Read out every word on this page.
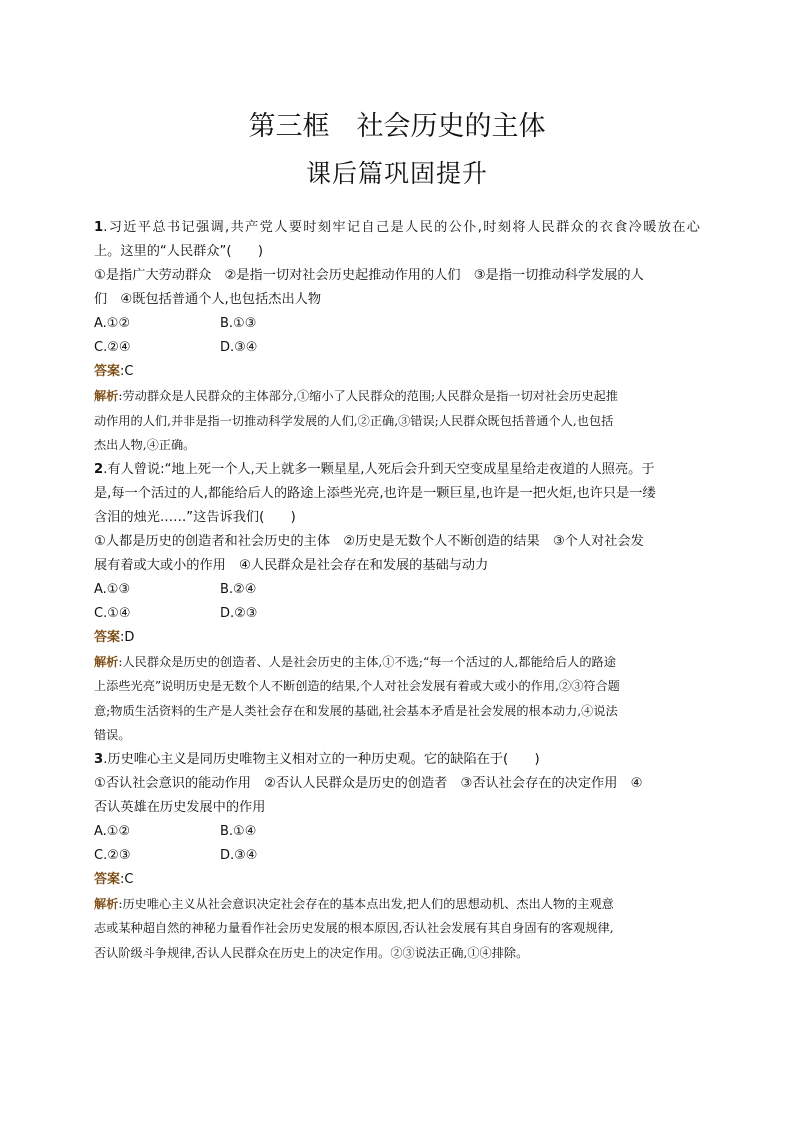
第三框　社会历史的主体
课后篇巩固提升
1.习近平总书记强调,共产党人要时刻牢记自己是人民的公仆,时刻将人民群众的衣食冷暖放在心
上。这里的“人民群众”(　　)
①是指广大劳动群众　②是指一切对社会历史起推动作用的人们　③是指一切推动科学发展的人
们　④既包括普通个人,也包括杰出人物
A.①②	B.①③
C.②④	D.③④
答案:C
解析:劳动群众是人民群众的主体部分,①缩小了人民群众的范围;人民群众是指一切对社会历史起推
动作用的人们,并非是指一切推动科学发展的人们,②正确,③错误;人民群众既包括普通个人,也包括
杰出人物,④正确。
2.有人曾说:“地上死一个人,天上就多一颗星星,人死后会升到天空变成星星给走夜道的人照亮。于
是,每一个活过的人,都能给后人的路途上添些光亮,也许是一颗巨星,也许是一把火炬,也许只是一缕
含泪的烛光……”这告诉我们(　　)
①人都是历史的创造者和社会历史的主体　②历史是无数个人不断创造的结果　③个人对社会发
展有着或大或小的作用　④人民群众是社会存在和发展的基础与动力
A.①③	B.②④
C.①④	D.②③
答案:D
解析:人民群众是历史的创造者、人是社会历史的主体,①不选;“每一个活过的人,都能给后人的路途
上添些光亮”说明历史是无数个人不断创造的结果,个人对社会发展有着或大或小的作用,②③符合题
意;物质生活资料的生产是人类社会存在和发展的基础,社会基本矛盾是社会发展的根本动力,④说法
错误。
3.历史唯心主义是同历史唯物主义相对立的一种历史观。它的缺陷在于(　　)
①否认社会意识的能动作用　②否认人民群众是历史的创造者　③否认社会存在的决定作用　④
否认英雄在历史发展中的作用
A.①②	B.①④
C.②③	D.③④
答案:C
解析:历史唯心主义从社会意识决定社会存在的基本点出发,把人们的思想动机、杰出人物的主观意
志或某种超自然的神秘力量看作社会历史发展的根本原因,否认社会发展有其自身固有的客观规律,
否认阶级斗争规律,否认人民群众在历史上的决定作用。②③说法正确,①④排除。
